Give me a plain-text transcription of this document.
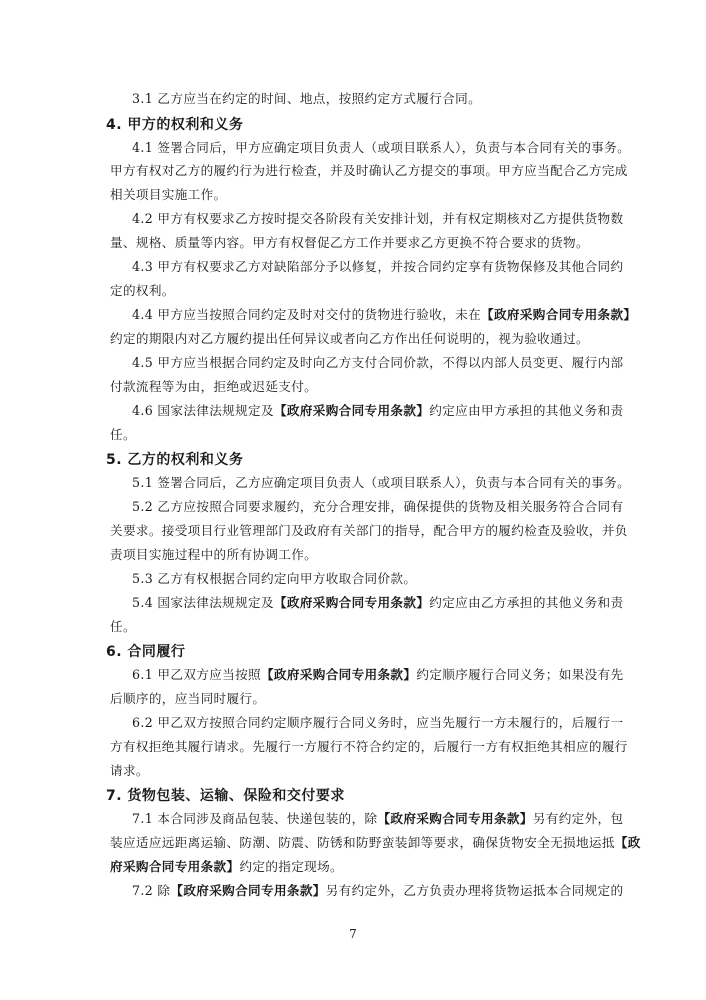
3.1 乙方应当在约定的时间、地点，按照约定方式履行合同。
4. 甲方的权利和义务
4.1 签署合同后，甲方应确定项目负责人（或项目联系人），负责与本合同有关的事务。
甲方有权对乙方的履约行为进行检查，并及时确认乙方提交的事项。甲方应当配合乙方完成
相关项目实施工作。
4.2 甲方有权要求乙方按时提交各阶段有关安排计划，并有权定期核对乙方提供货物数
量、规格、质量等内容。甲方有权督促乙方工作并要求乙方更换不符合要求的货物。
4.3 甲方有权要求乙方对缺陷部分予以修复，并按合同约定享有货物保修及其他合同约
定的权利。
4.4 甲方应当按照合同约定及时对交付的货物进行验收，未在【政府采购合同专用条款】
约定的期限内对乙方履约提出任何异议或者向乙方作出任何说明的，视为验收通过。
4.5 甲方应当根据合同约定及时向乙方支付合同价款，不得以内部人员变更、履行内部
付款流程等为由，拒绝或迟延支付。
4.6 国家法律法规规定及【政府采购合同专用条款】约定应由甲方承担的其他义务和责
任。
5. 乙方的权利和义务
5.1 签署合同后，乙方应确定项目负责人（或项目联系人），负责与本合同有关的事务。
5.2 乙方应按照合同要求履约，充分合理安排，确保提供的货物及相关服务符合合同有
关要求。接受项目行业管理部门及政府有关部门的指导，配合甲方的履约检查及验收，并负
责项目实施过程中的所有协调工作。
5.3 乙方有权根据合同约定向甲方收取合同价款。
5.4 国家法律法规规定及【政府采购合同专用条款】约定应由乙方承担的其他义务和责
任。
6. 合同履行
6.1 甲乙双方应当按照【政府采购合同专用条款】约定顺序履行合同义务；如果没有先
后顺序的，应当同时履行。
6.2 甲乙双方按照合同约定顺序履行合同义务时，应当先履行一方未履行的，后履行一
方有权拒绝其履行请求。先履行一方履行不符合约定的，后履行一方有权拒绝其相应的履行
请求。
7. 货物包装、运输、保险和交付要求
7.1 本合同涉及商品包装、快递包装的，除【政府采购合同专用条款】另有约定外，包
装应适应远距离运输、防潮、防震、防锈和防野蛮装卸等要求，确保货物安全无损地运抵【政
府采购合同专用条款】约定的指定现场。
7.2 除【政府采购合同专用条款】另有约定外，乙方负责办理将货物运抵本合同规定的
7
